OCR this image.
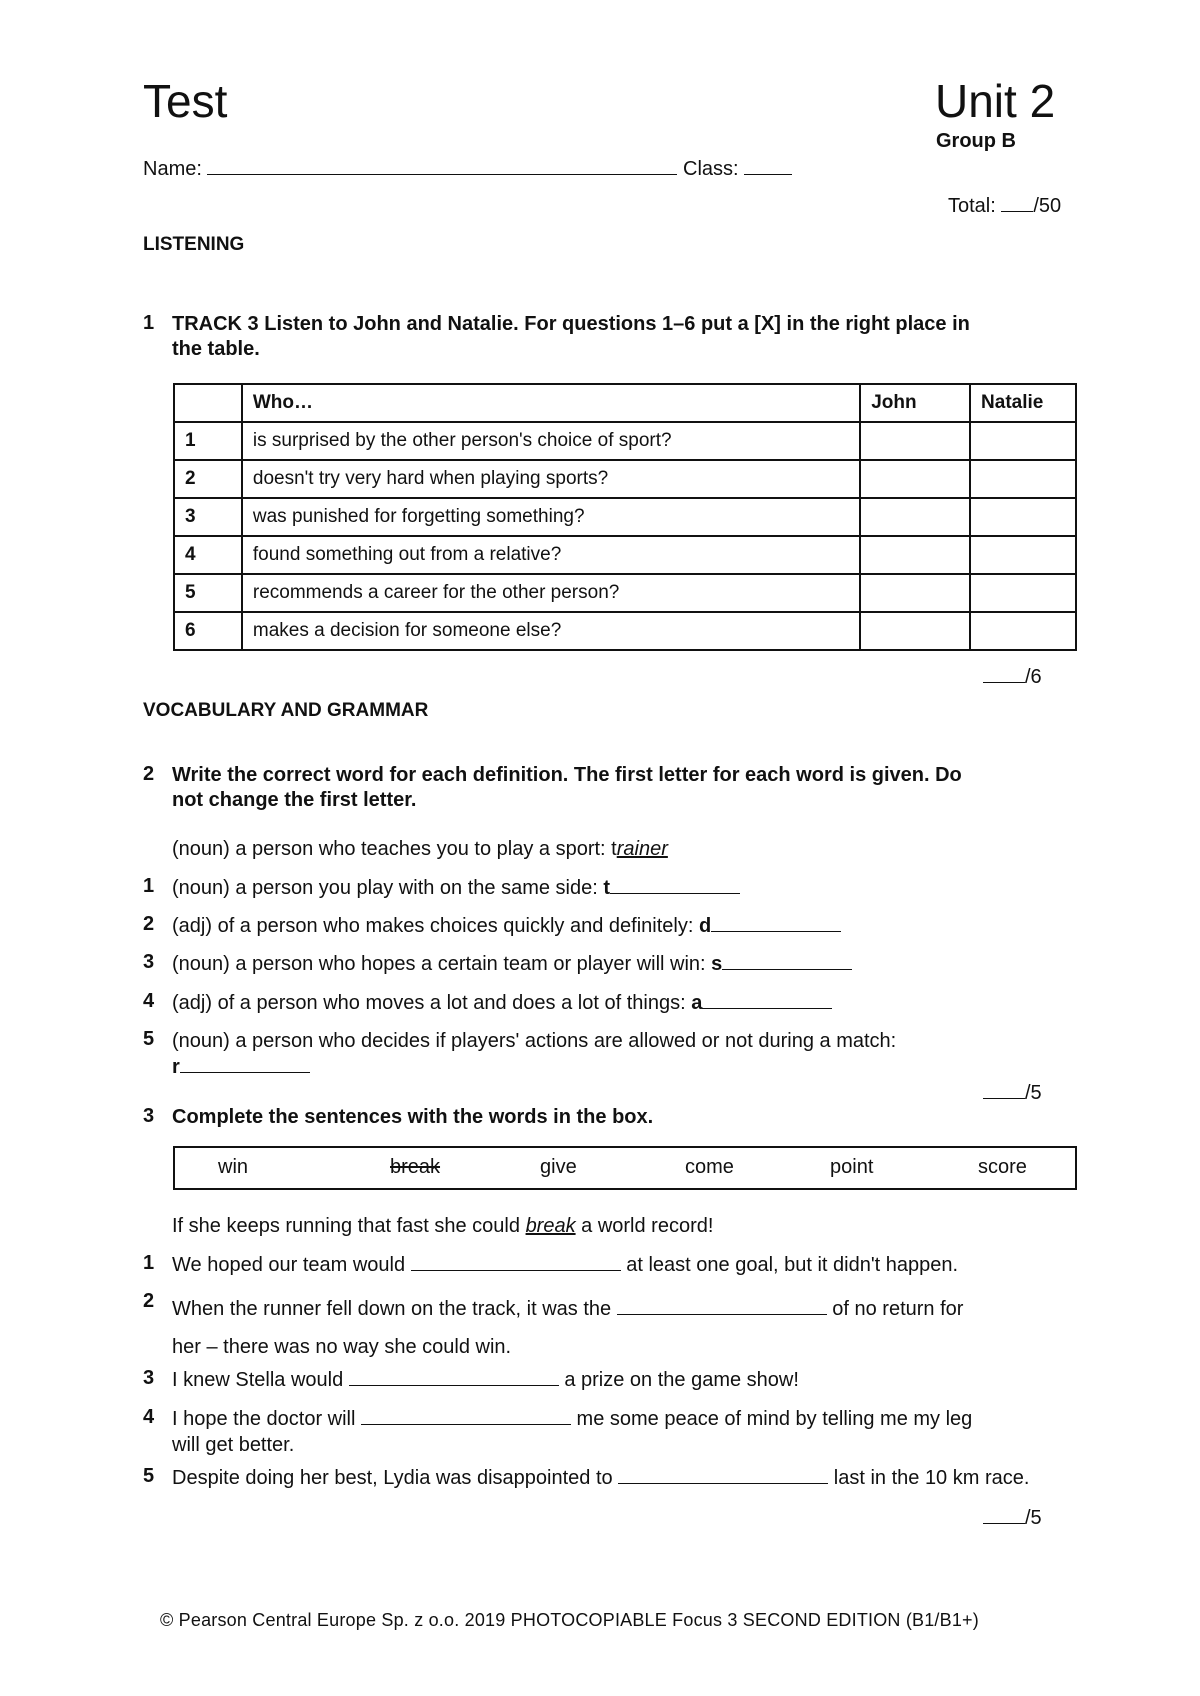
Test	Unit 2
Group B
Name:	Class:
Total: /50
LISTENING
1 TRACK 3 Listen to John and Natalie. For questions 1–6 put a [X] in the right place in
the table.
	Who…	John	Natalie
1	is surprised by the other person's choice of sport?		
2	doesn't try very hard when playing sports?		
3	was punished for forgetting something?		
4	found something out from a relative?		
5	recommends a career for the other person?		
6	makes a decision for someone else?		
/6
VOCABULARY AND GRAMMAR
2 Write the correct word for each definition. The first letter for each word is given. Do
not change the first letter.
(noun) a person who teaches you to play a sport: trainer
1 (noun) a person you play with on the same side: t
2 (adj) of a person who makes choices quickly and definitely: d
3 (noun) a person who hopes a certain team or player will win: s
4 (adj) of a person who moves a lot and does a lot of things: a
5 (noun) a person who decides if players' actions are allowed or not during a match:
r
/5
3 Complete the sentences with the words in the box.
win	break	give	come	point	score
If she keeps running that fast she could break a world record!
1 We hoped our team would	at least one goal, but it didn't happen.
2 When the runner fell down on the track, it was the	of no return for
her – there was no way she could win.
3 I knew Stella would	a prize on the game show!
4 I hope the doctor will	me some peace of mind by telling me my leg
will get better.
5 Despite doing her best, Lydia was disappointed to	last in the 10 km race.
/5
© Pearson Central Europe Sp. z o.o. 2019 PHOTOCOPIABLE Focus 3 SECOND EDITION (B1/B1+)
